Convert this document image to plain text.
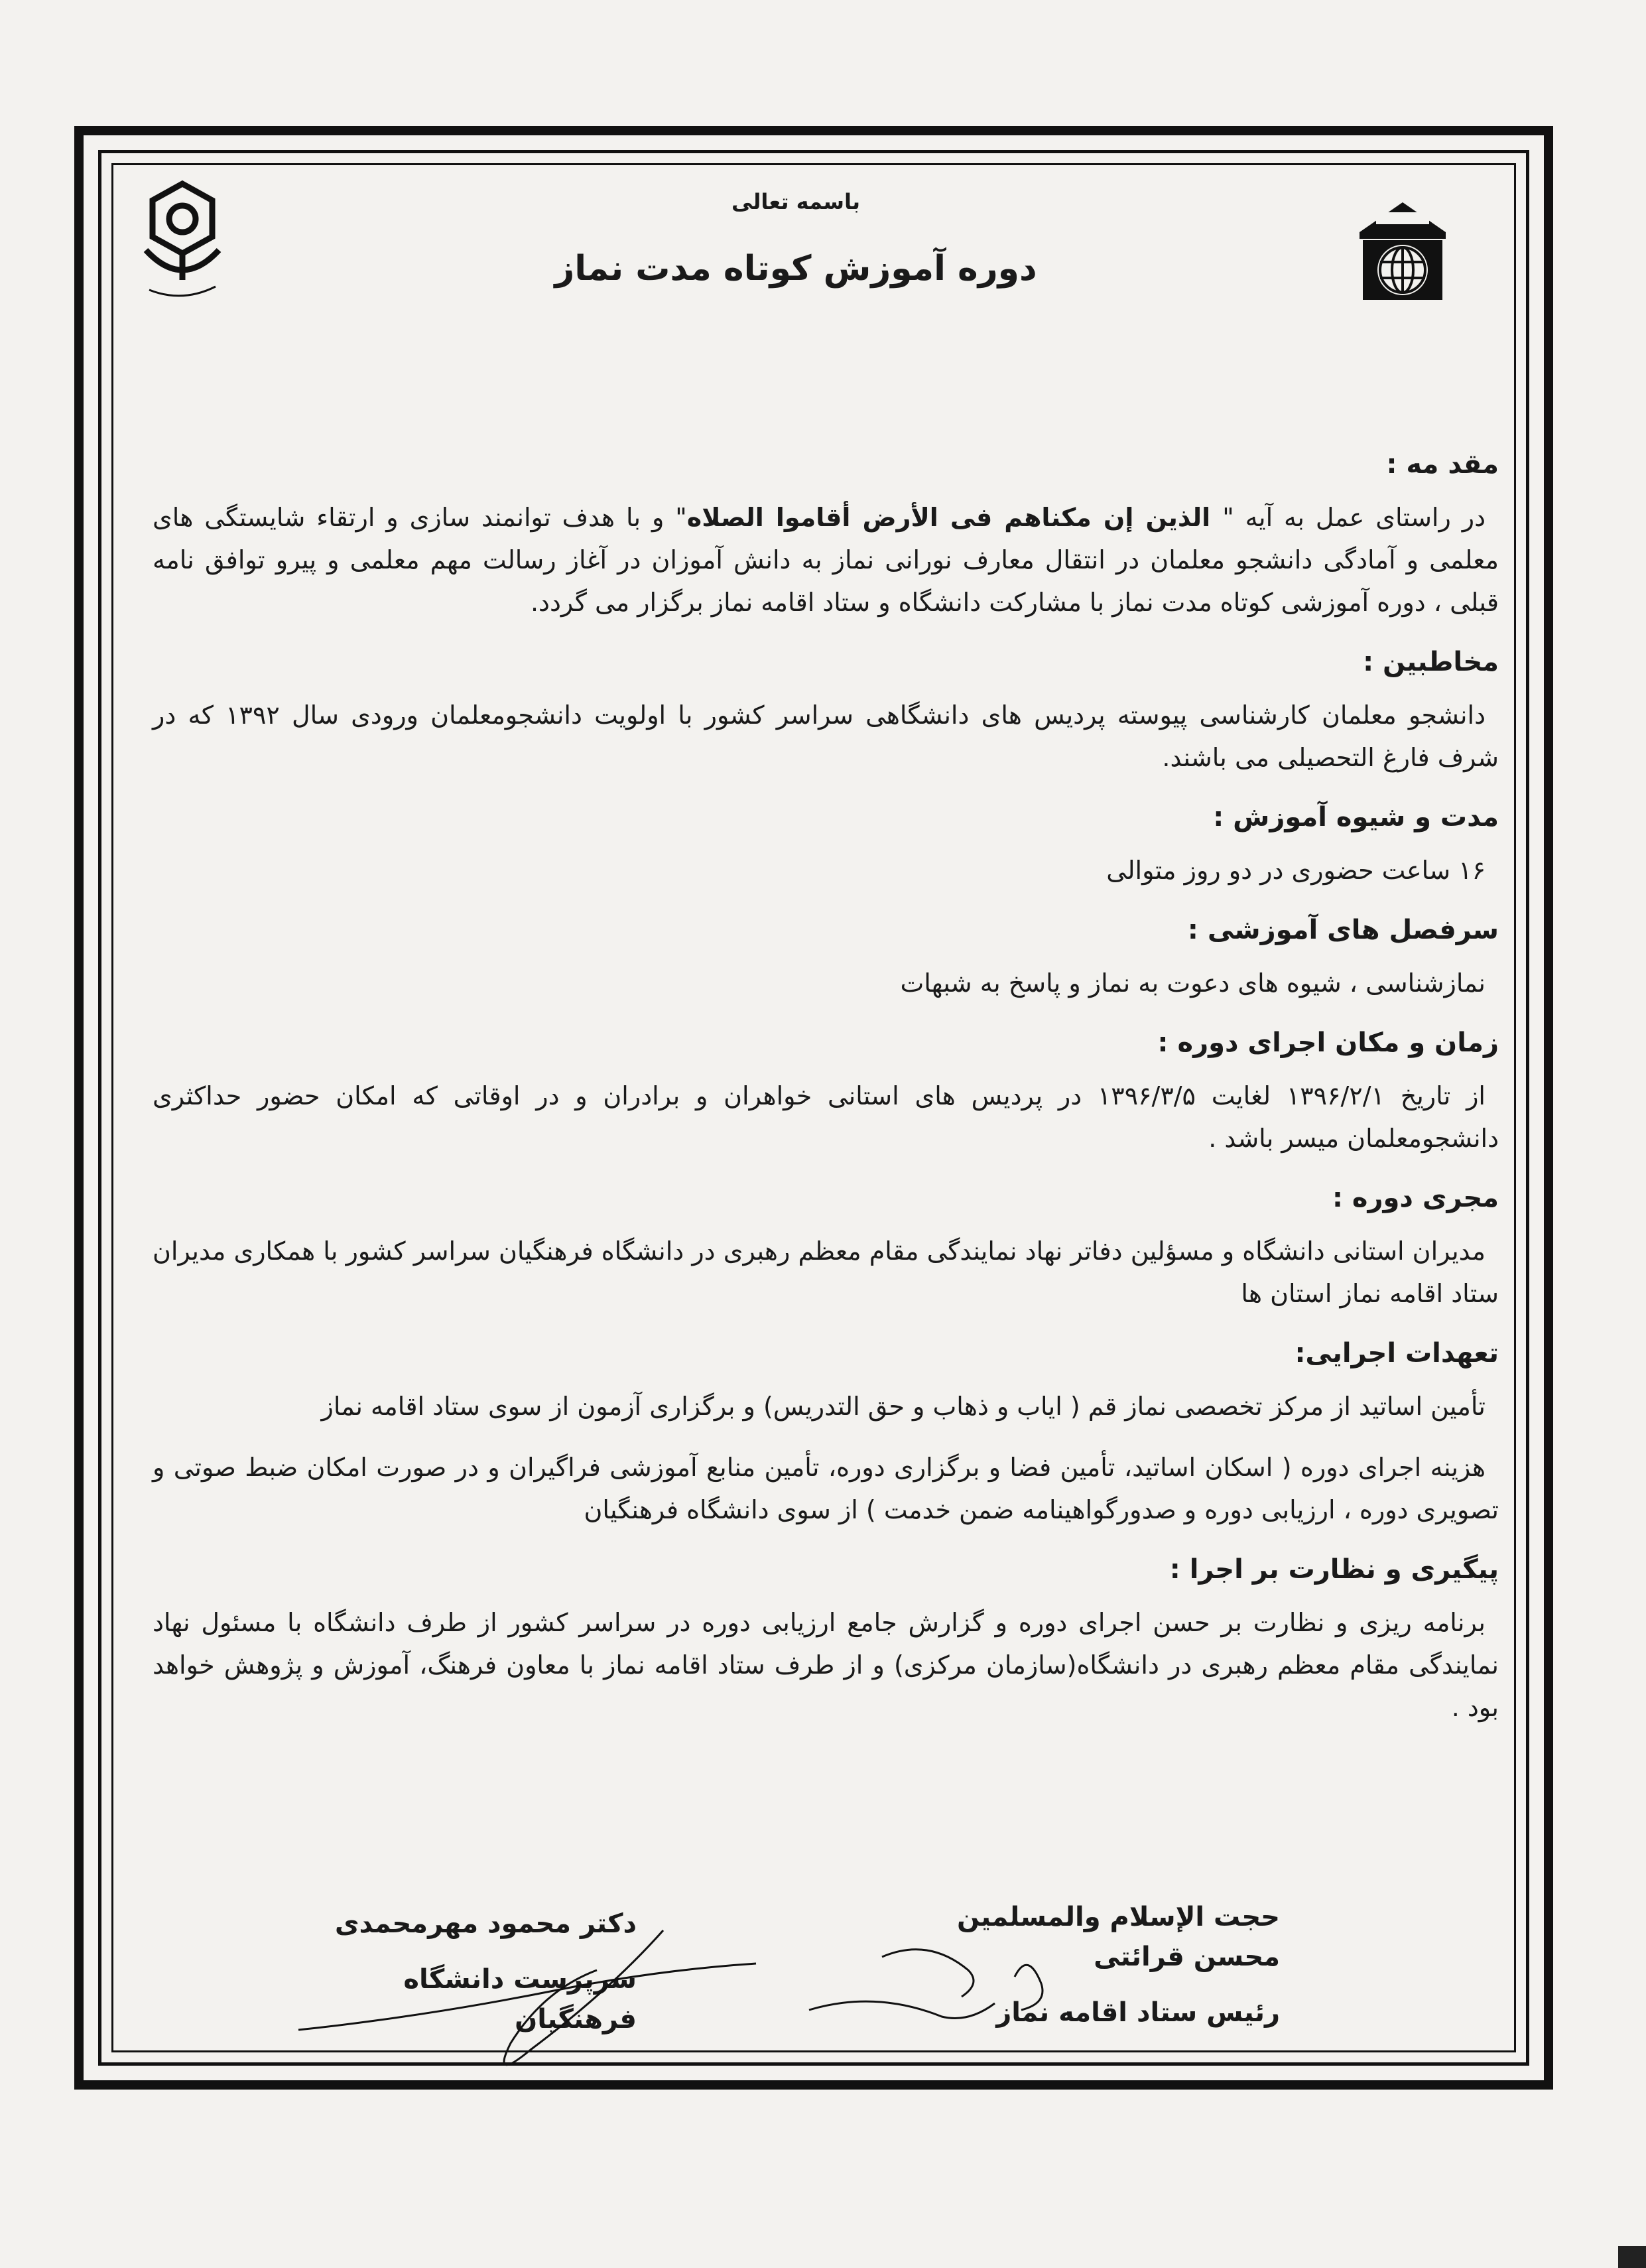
باسمه تعالی
دوره آموزش کوتاه مدت نماز
مقد مه :
در راستای عمل به آیه " الذین إن مکناهم فی الأرض أقاموا الصلاه" و با هدف توانمند سازی و ارتقاء شایستگی های معلمی و آمادگی دانشجو معلمان در انتقال معارف نورانی نماز به دانش آموزان در آغاز رسالت مهم معلمی و پیرو توافق نامه قبلی ، دوره آموزشی کوتاه مدت نماز با مشارکت دانشگاه و ستاد اقامه نماز برگزار می گردد.
مخاطبین :
دانشجو معلمان کارشناسی پیوسته پردیس های دانشگاهی سراسر کشور با اولویت دانشجومعلمان ورودی سال ۱۳۹۲ که در شرف فارغ التحصیلی می باشند.
مدت و شیوه آموزش :
۱۶ ساعت حضوری در دو روز متوالی
سرفصل های آموزشی :
نمازشناسی ، شیوه های دعوت به نماز و پاسخ به شبهات
زمان و مکان اجرای دوره :
از تاریخ ۱۳۹۶/۲/۱ لغایت ۱۳۹۶/۳/۵ در پردیس های استانی خواهران و برادران و در اوقاتی که امکان حضور حداکثری دانشجومعلمان میسر باشد .
مجری دوره :
مدیران استانی دانشگاه و مسؤلین دفاتر نهاد نمایندگی مقام معظم رهبری در دانشگاه فرهنگیان سراسر کشور با همکاری مدیران ستاد اقامه نماز استان ها
تعهدات اجرایی:
تأمین اساتید از مرکز تخصصی نماز قم ( ایاب و ذهاب و حق التدریس) و برگزاری آزمون از سوی ستاد اقامه نماز
هزینه اجرای دوره ( اسکان اساتید، تأمین فضا و برگزاری دوره، تأمین منابع آموزشی فراگیران و در صورت امکان ضبط صوتی و تصویری دوره ، ارزیابی دوره و صدورگواهینامه ضمن خدمت ) از سوی دانشگاه فرهنگیان
پیگیری و نظارت بر اجرا :
برنامه ریزی و نظارت بر حسن اجرای دوره و گزارش جامع ارزیابی دوره در سراسر کشور از طرف دانشگاه با مسئول نهاد نمایندگی مقام معظم رهبری در دانشگاه(سازمان مرکزی) و از طرف ستاد اقامه نماز با معاون فرهنگ، آموزش و پژوهش خواهد بود .
حجت الإسلام والمسلمین محسن قرائتی
رئیس ستاد اقامه نماز
دکتر محمود مهرمحمدی
سرپرست دانشگاه فرهنگیان
